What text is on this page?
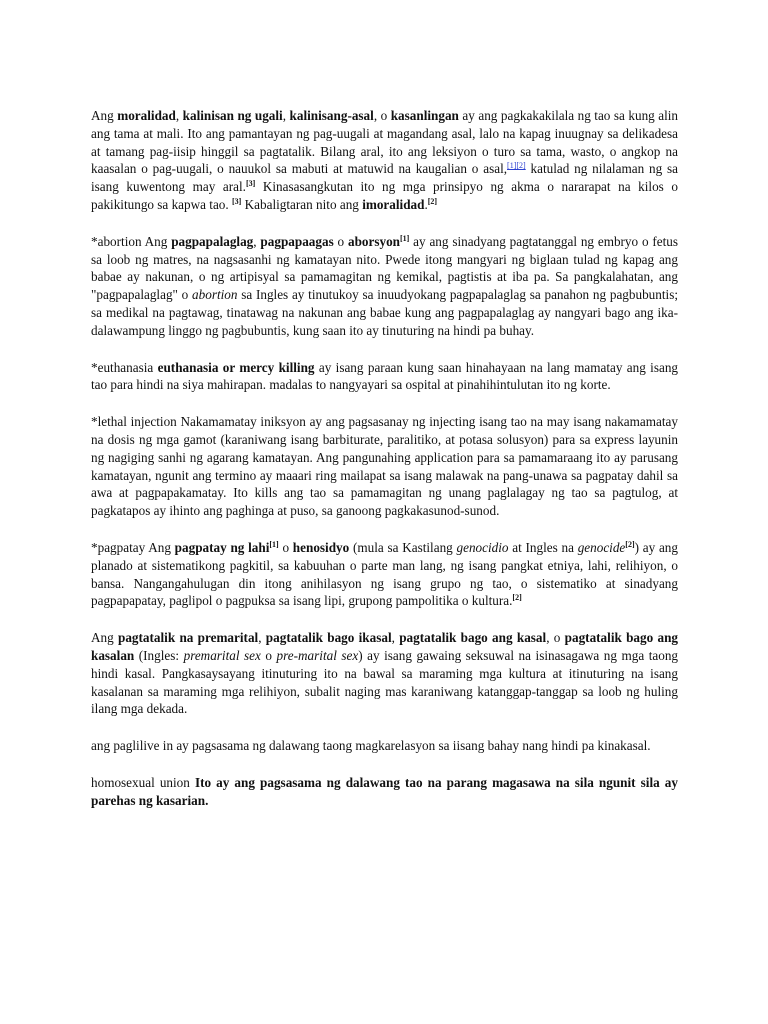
Ang moralidad, kalinisan ng ugali, kalinisang-asal, o kasanlingan ay ang pagkakakilala ng tao sa kung alin ang tama at mali. Ito ang pamantayan ng pag-uugali at magandang asal, lalo na kapag inuugnay sa delikadesa at tamang pag-iisip hinggil sa pagtatalik. Bilang aral, ito ang leksiyon o turo sa tama, wasto, o angkop na kaasalan o pag-uugali, o nauukol sa mabuti at matuwid na kaugalian o asal,[1][2] katulad ng nilalaman ng sa isang kuwentong may aral.[3] Kinasasangkutan ito ng mga prinsipyo ng akma o nararapat na kilos o pakikitungo sa kapwa tao. [3] Kabaligtaran nito ang imoralidad.[2]

*abortion Ang pagpapalaglag, pagpapaagas o aborsyon[1] ay ang sinadyang pagtatanggal ng embryo o fetus sa loob ng matres, na nagsasanhi ng kamatayan nito. Pwede itong mangyari ng biglaan tulad ng kapag ang babae ay nakunan, o ng artipisyal sa pamamagitan ng kemikal, pagtistis at iba pa. Sa pangkalahatan, ang "pagpapalaglag" o abortion sa Ingles ay tinutukoy sa inuudyokang pagpapalaglag sa panahon ng pagbubuntis; sa medikal na pagtawag, tinatawag na nakunan ang babae kung ang pagpapalaglag ay nangyari bago ang ika-dalawampung linggo ng pagbubuntis, kung saan ito ay tinuturing na hindi pa buhay.

*euthanasia euthanasia or mercy killing ay isang paraan kung saan hinahayaan na lang mamatay ang isang tao para hindi na siya mahirapan. madalas to nangyayari sa ospital at pinahihintulutan ito ng korte.

*lethal injection Nakamamatay iniksyon ay ang pagsasanay ng injecting isang tao na may isang nakamamatay na dosis ng mga gamot (karaniwang isang barbiturate, paralitiko, at potasa solusyon) para sa express layunin ng nagiging sanhi ng agarang kamatayan. Ang pangunahing application para sa pamamaraang ito ay parusang kamatayan, ngunit ang termino ay maaari ring mailapat sa isang malawak na pang-unawa sa pagpatay dahil sa awa at pagpapakamatay. Ito kills ang tao sa pamamagitan ng unang paglalagay ng tao sa pagtulog, at pagkatapos ay ihinto ang paghinga at puso, sa ganoong pagkakasunod-sunod.

*pagpatay Ang pagpatay ng lahi[1] o henosidyo (mula sa Kastilang genocidio at Ingles na genocide[2]) ay ang planado at sistematikong pagkitil, sa kabuuhan o parte man lang, ng isang pangkat etniya, lahi, relihiyon, o bansa. Nangangahulugan din itong anihilasyon ng isang grupo ng tao, o sistematiko at sinadyang pagpapapatay, paglipol o pagpuksa sa isang lipi, grupong pampolitika o kultura.[2]

Ang pagtatalik na premarital, pagtatalik bago ikasal, pagtatalik bago ang kasal, o pagtatalik bago ang kasalan (Ingles: premarital sex o pre-marital sex) ay isang gawaing seksuwal na isinasagawa ng mga taong hindi kasal. Pangkasaysayang itinuturing ito na bawal sa maraming mga kultura at itinuturing na isang kasalanan sa maraming mga relihiyon, subalit naging mas karaniwang katanggap-tanggap sa loob ng huling ilang mga dekada.

ang paglilive in ay pagsasama ng dalawang taong magkarelasyon sa iisang bahay nang hindi pa kinakasal.

homosexual union Ito ay ang pagsasama ng dalawang tao na parang magasawa na sila ngunit sila ay parehas ng kasarian.
